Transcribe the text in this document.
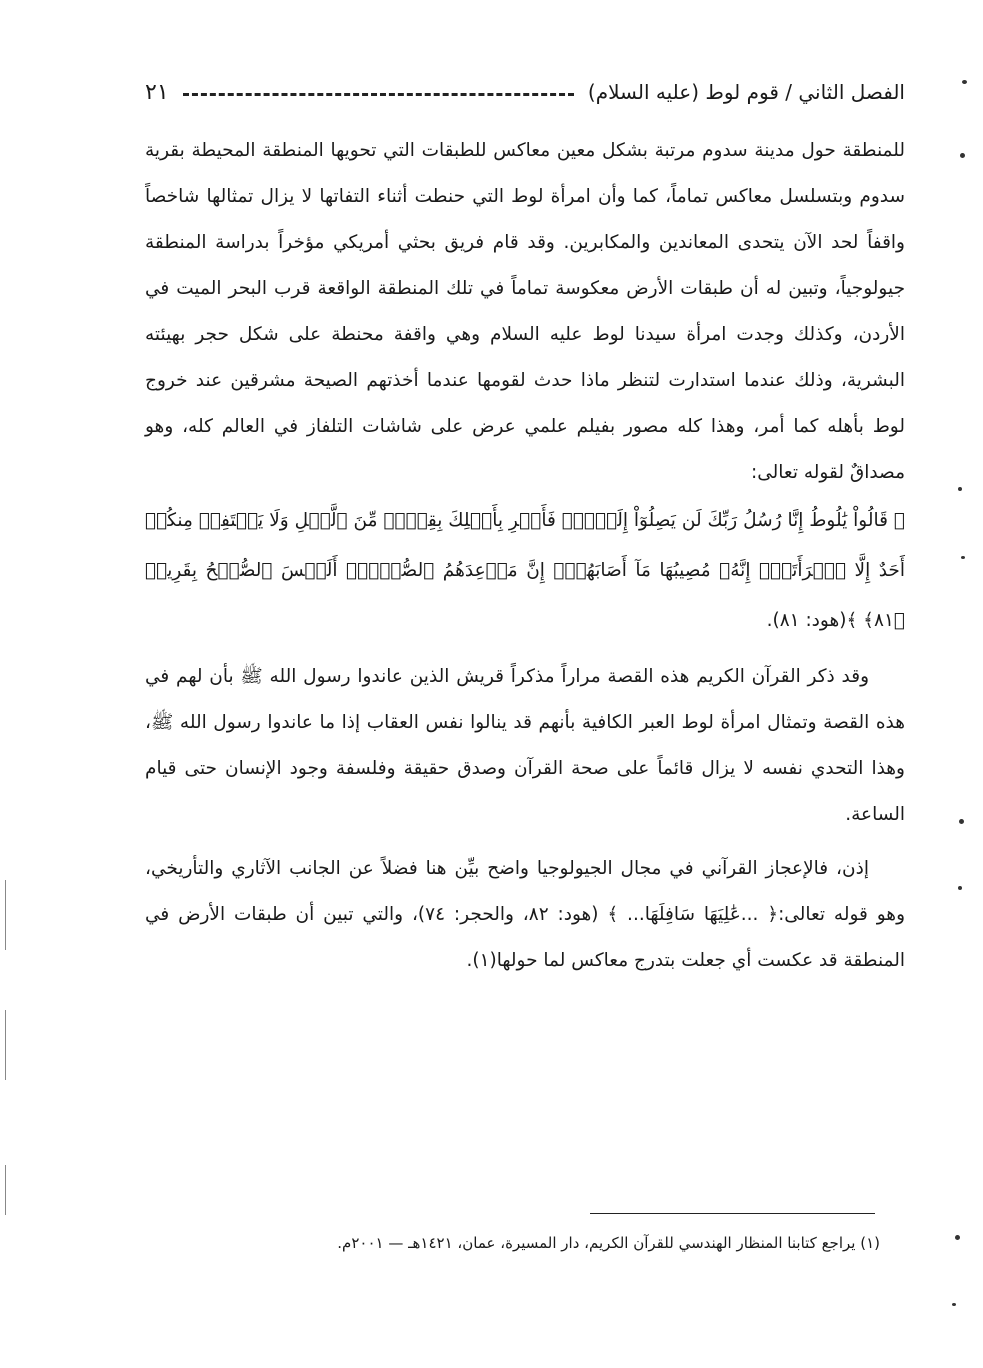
الفصل الثاني / قوم لوط (عليه السلام)
٢١

للمنطقة حول مدينة سدوم مرتبة بشكل معين معاكس للطبقات التي تحويها المنطقة المحيطة بقرية سدوم وبتسلسل معاكس تماماً، كما وأن امرأة لوط التي حنطت أثناء التفاتها لا يزال تمثالها شاخصاً واقفاً لحد الآن يتحدى المعاندين والمكابرين. وقد قام فريق بحثي أمريكي مؤخراً بدراسة المنطقة جيولوجياً، وتبين له أن طبقات الأرض معكوسة تماماً في تلك المنطقة الواقعة قرب البحر الميت في الأردن، وكذلك وجدت امرأة سيدنا لوط عليه السلام وهي واقفة محنطة على شكل حجر بهيئته البشرية، وذلك عندما استدارت لتنظر ماذا حدث لقومها عندما أخذتهم الصيحة مشرقين عند خروج لوط بأهله كما أمر، وهذا كله مصور بفيلم علمي عرض على شاشات التلفاز في العالم كله، وهو مصداقٌ لقوله تعالى:

﴿ قَالُواْ يَٰلُوطُ إِنَّا رُسُلُ رَبِّكَ لَن يَصِلُوٓاْ إِلَيۡكَۖ فَأَسۡرِ بِأَهۡلِكَ بِقِطۡعٖ مِّنَ ٱلَّيۡلِ وَلَا يَلۡتَفِتۡ مِنكُمۡ أَحَدٌ إِلَّا ٱمۡرَأَتَكَۖ إِنَّهُۥ مُصِيبُهَا مَآ أَصَابَهُمۡۚ إِنَّ مَوۡعِدَهُمُ ٱلصُّبۡحُۚ أَلَيۡسَ ٱلصُّبۡحُ بِقَرِيبٖ ﴿٨١﴾ ﴾(هود: ٨١).

وقد ذكر القرآن الكريم هذه القصة مراراً مذكراً قريش الذين عاندوا رسول الله ﷺ بأن لهم في هذه القصة وتمثال امرأة لوط العبر الكافية بأنهم قد ينالوا نفس العقاب إذا ما عاندوا رسول الله ﷺ، وهذا التحدي نفسه لا يزال قائماً على صحة القرآن وصدق حقيقة وفلسفة وجود الإنسان حتى قيام الساعة.

إذن، فالإعجاز القرآني في مجال الجيولوجيا واضح بيِّن هنا فضلاً عن الجانب الآثاري والتأريخي، وهو قوله تعالى:﴿ ...عَٰلِيَهَا سَافِلَهَا... ﴾ (هود: ٨٢، والحجر: ٧٤)، والتي تبين أن طبقات الأرض في المنطقة قد عكست أي جعلت بتدرج معاكس لما حولها(١).

(١) يراجع كتابنا المنظار الهندسي للقرآن الكريم، دار المسيرة، عمان، ١٤٢١هـ — ٢٠٠١م.
